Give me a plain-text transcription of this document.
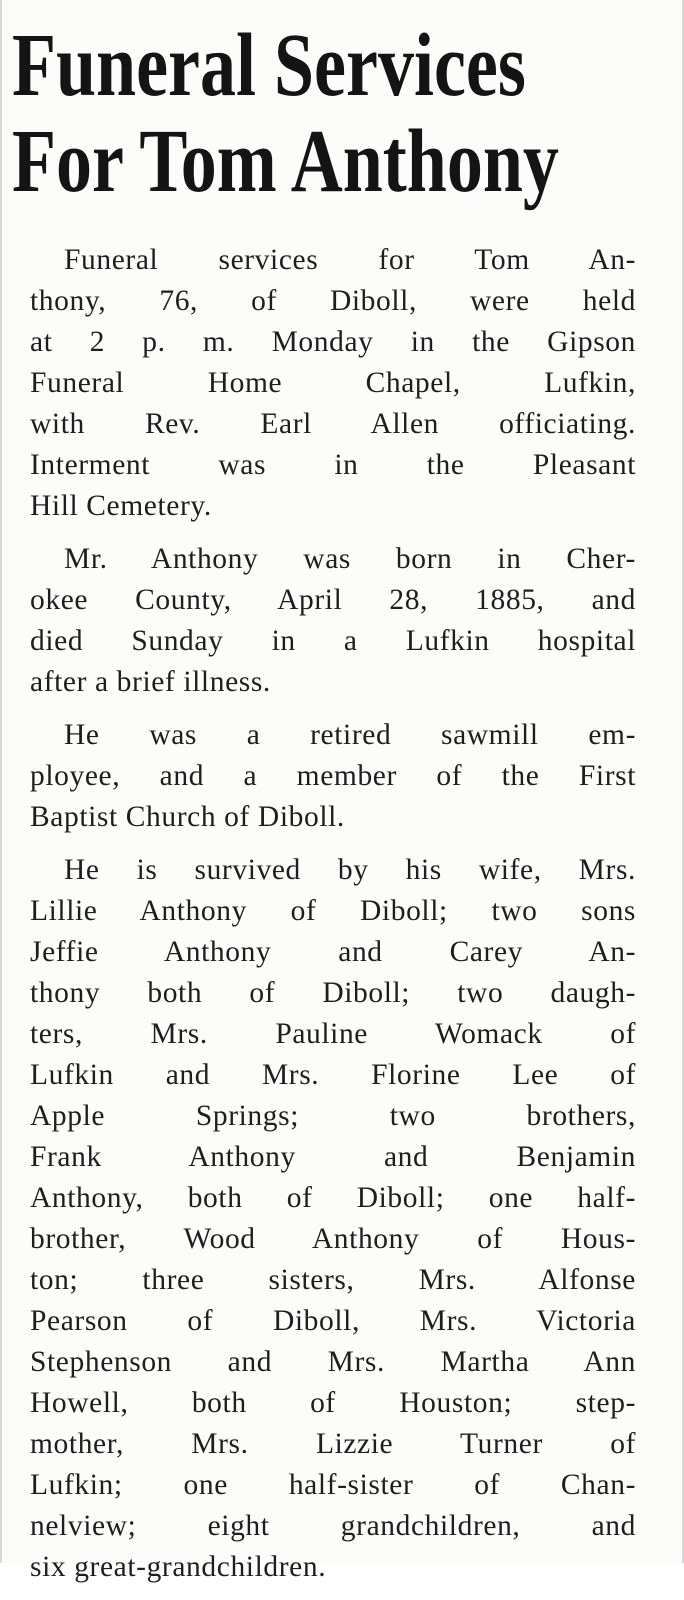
Funeral Services
For Tom Anthony

Funeral services for Tom An-
thony, 76, of Diboll, were held
at 2 p. m. Monday in the Gipson
Funeral Home Chapel, Lufkin,
with Rev. Earl Allen officiating.
Interment was in the Pleasant
Hill Cemetery.

Mr. Anthony was born in Cher-
okee County, April 28, 1885, and
died Sunday in a Lufkin hospital
after a brief illness.

He was a retired sawmill em-
ployee, and a member of the First
Baptist Church of Diboll.

He is survived by his wife, Mrs.
Lillie Anthony of Diboll; two sons
Jeffie Anthony and Carey An-
thony both of Diboll; two daugh-
ters, Mrs. Pauline Womack of
Lufkin and Mrs. Florine Lee of
Apple Springs; two brothers,
Frank Anthony and Benjamin
Anthony, both of Diboll; one half-
brother, Wood Anthony of Hous-
ton; three sisters, Mrs. Alfonse
Pearson of Diboll, Mrs. Victoria
Stephenson and Mrs. Martha Ann
Howell, both of Houston; step-
mother, Mrs. Lizzie Turner of
Lufkin; one half-sister of Chan-
nelview; eight grandchildren, and
six great-grandchildren.
